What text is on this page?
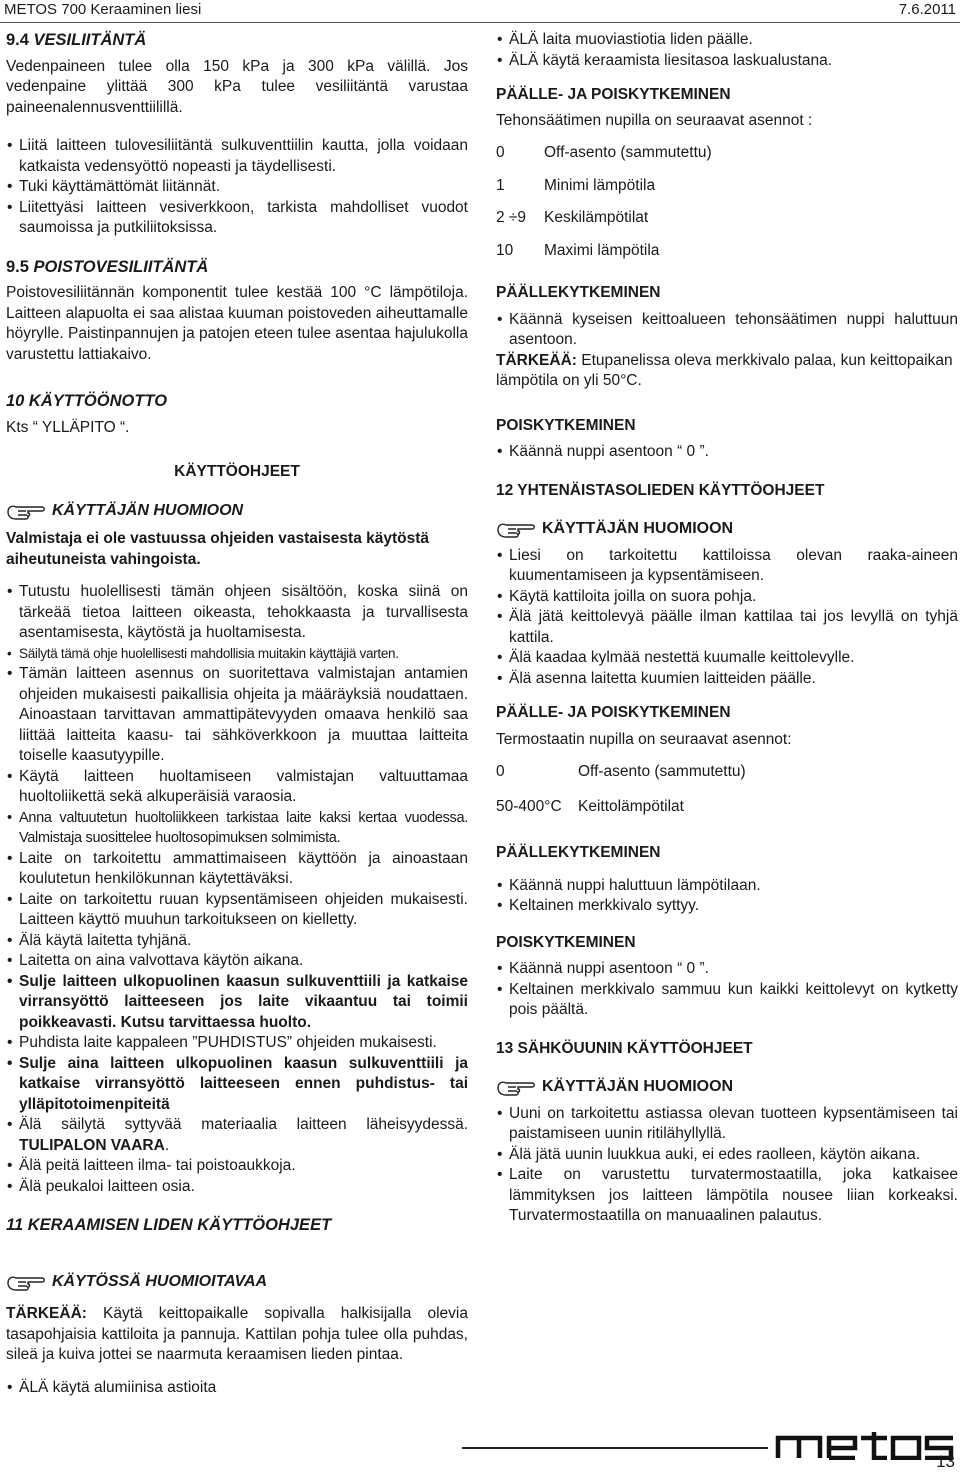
METOS 700 Keraaminen liesi	7.6.2011
9.4 VESILIITÄNTÄ

Vedenpaineen tulee olla 150 kPa ja 300 kPa välillä. Jos vedenpaine ylittää 300 kPa tulee vesiliitäntä varustaa paineenalennusventtiilillä.

• Liitä laitteen tulovesiliitäntä sulkuventtiilin kautta, jolla voidaan katkaista vedensyöttö nopeasti ja täydellisesti.
• Tuki käyttämättömät liitännät.
• Liitettyäsi laitteen vesiverkkoon, tarkista mahdolliset vuodot saumoissa ja putkiliitoksissa.
9.5 POISTOVESILIITÄNTÄ

Poistovesiliitännän komponentit tulee kestää 100 °C lämpötiloja. Laitteen alapuolta ei saa alistaa kuuman poistoveden aiheuttamalle höyrylle. Paistinpannujen ja patojen eteen tulee asentaa hajulukolla varustettu lattiakaivo.

10 KÄYTTÖÖNOTTO

Kts “ YLLÄPITO “.

KÄYTTÖOHJEET
KÄYTTÄJÄN HUOMIOON

Valmistaja ei ole vastuussa ohjeiden vastaisesta käytöstä aiheutuneista vahingoista.

• Tutustu huolellisesti tämän ohjeen sisältöön, koska siinä on tärkeää tietoa laitteen oikeasta, tehokkaasta ja turvallisesta asentamisesta, käytöstä ja huoltamisesta.
• Säilytä tämä ohje huolellisesti mahdollisia muitakin käyttäjiä varten.
• Tämän laitteen asennus on suoritettava valmistajan antamien ohjeiden mukaisesti paikallisia ohjeita ja määräyksiä noudattaen. Ainoastaan tarvittavan ammattipätevyyden omaava henkilö saa liittää laitteita kaasu- tai sähköverkkoon ja muuttaa laitteita toiselle kaasutyypille.
• Käytä laitteen huoltamiseen valmistajan valtuuttamaa huoltoliikettä sekä alkuperäisiä varaosia.
• Anna valtuutetun huoltoliikkeen tarkistaa laite kaksi kertaa vuodessa. Valmistaja suosittelee huoltosopimuksen solmimista.
• Laite on tarkoitettu ammattimaiseen käyttöön ja ainoastaan koulutetun henkilökunnan käytettäväksi.
• Laite on tarkoitettu ruuan kypsentämiseen ohjeiden mukaisesti. Laitteen käyttö muuhun tarkoitukseen on kielletty.
• Älä käytä laitetta tyhjänä.
• Laitetta on aina valvottava käytön aikana.
• Sulje laitteen ulkopuolinen kaasun sulkuventtiili ja katkaise virransyöttö laitteeseen jos laite vikaantuu tai toimii poikkeavasti. Kutsu tarvittaessa huolto.
• Puhdista laite kappaleen ”PUHDISTUS” ohjeiden mukaisesti.
• Sulje aina laitteen ulkopuolinen kaasun sulkuventtiili ja katkaise virransyöttö laitteeseen ennen puhdistus- tai ylläpitotoimenpiteitä
• Älä säilytä syttyvää materiaalia laitteen läheisyydessä. TULIPALON VAARA.
• Älä peitä laitteen ilma- tai poistoaukkoja.
• Älä peukaloi laitteen osia.
11 KERAAMISEN LIDEN KÄYTTÖOHJEET
KÄYTÖSSÄ HUOMIOITAVAA

TÄRKEÄÄ: Käytä keittopaikalle sopivalla halkisijalla olevia tasapohjaisia kattiloita ja pannuja. Kattilan pohja tulee olla puhdas, sileä ja kuiva jottei se naarmuta keraamisen lieden pintaa.

• ÄLÄ käytä alumiinisa astioita
• ÄLÄ laita muoviastiotia liden päälle.
• ÄLÄ käytä keraamista liesitasoa laskualustana.
PÄÄLLE- JA POISKYTKEMINEN

Tehonsäätimen nupilla on seuraavat asennot :

0	Off-asento (sammutettu)
1	Minimi lämpötila
2 ÷9	Keskilämpötilat
10	Maximi lämpötila
PÄÄLLEKYTKEMINEN
• Käännä kyseisen keittoalueen tehonsäätimen nuppi haluttuun asentoon.

TÄRKEÄÄ: Etupanelissa oleva merkkivalo palaa, kun keittopaikan lämpötila on yli 50°C.

POISKYTKEMINEN
• Käännä nuppi asentoon “ 0 ”.
12 YHTENÄISTASOLIEDEN KÄYTTÖOHJEET
KÄYTTÄJÄN HUOMIOON
• Liesi on tarkoitettu kattiloissa olevan raaka-aineen kuumentamiseen ja kypsentämiseen.
• Käytä kattiloita joilla on suora pohja.
• Älä jätä keittolevyä päälle ilman kattilaa tai jos levyllä on tyhjä kattila.
• Älä kaadaa kylmää nestettä kuumalle keittolevylle.
• Älä asenna laitetta kuumien laitteiden päälle.
PÄÄLLE- JA POISKYTKEMINEN

Termostaatin nupilla on seuraavat asennot:

0	Off-asento (sammutettu)
50-400°C	Keittolämpötilat
PÄÄLLEKYTKEMINEN
• Käännä nuppi haluttuun lämpötilaan.
• Keltainen merkkivalo syttyy.
POISKYTKEMINEN
• Käännä nuppi asentoon “ 0 ”.
• Keltainen merkkivalo sammuu kun kaikki keittolevyt on kytketty pois päältä.
13 SÄHKÖUUNIN KÄYTTÖOHJEET
KÄYTTÄJÄN HUOMIOON
• Uuni on tarkoitettu astiassa olevan tuotteen kypsentämiseen tai paistamiseen uunin ritilähyllyllä.
• Älä jätä uunin luukkua auki, ei edes raolleen, käytön aikana.
• Laite on varustettu turvatermostaatilla, joka katkaisee lämmityksen jos laitteen lämpötila nousee liian korkeaksi. Turvatermostaatilla on manuaalinen palautus.
13
